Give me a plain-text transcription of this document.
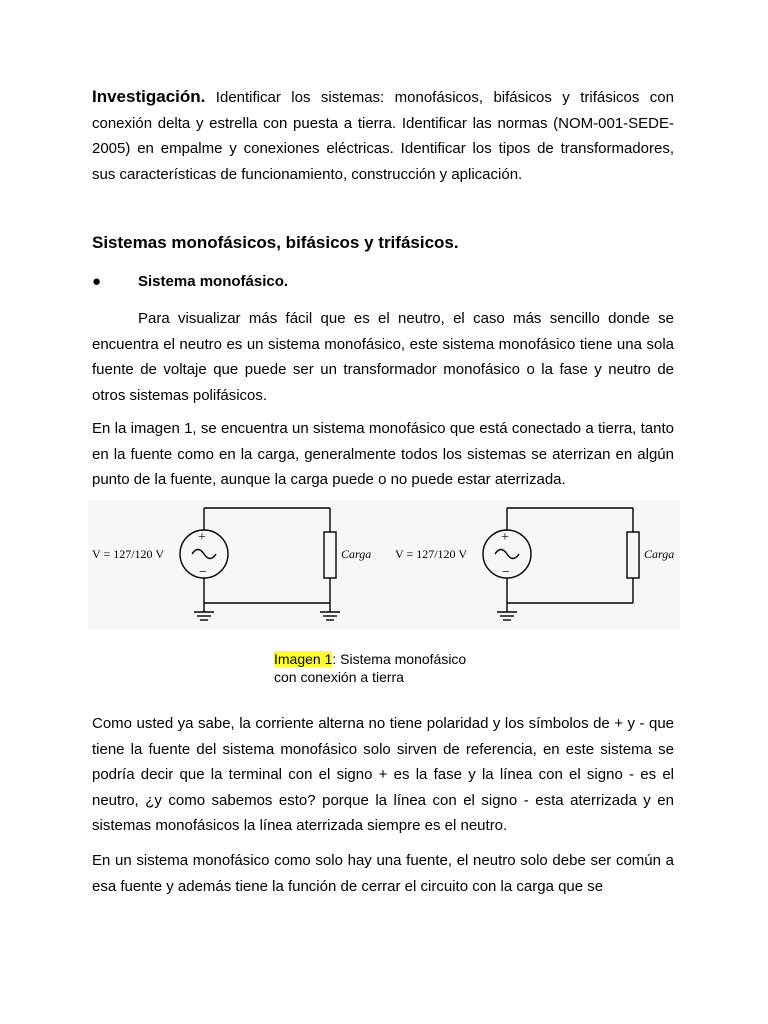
Investigación. Identificar los sistemas: monofásicos, bifásicos y trifásicos con conexión delta y estrella con puesta a tierra. Identificar las normas (NOM-001-SEDE-2005) en empalme y conexiones eléctricas. Identificar los tipos de transformadores, sus características de funcionamiento, construcción y aplicación.

Sistemas monofásicos, bifásicos y trifásicos.
● Sistema monofásico.

Para visualizar más fácil que es el neutro, el caso más sencillo donde se encuentra el neutro es un sistema monofásico, este sistema monofásico tiene una sola fuente de voltaje que puede ser un transformador monofásico o la fase y neutro de otros sistemas polifásicos.

En la imagen 1, se encuentra un sistema monofásico que está conectado a tierra, tanto en la fuente como en la carga, generalmente todos los sistemas se aterrizan en algún punto de la fuente, aunque la carga puede o no puede estar aterrizada.

+
−
V = 127/120 V	Carga
+
−
V = 127/120 V	Carga
Imagen 1: Sistema monofásico
con conexión a tierra

Como usted ya sabe, la corriente alterna no tiene polaridad y los símbolos de + y - que tiene la fuente del sistema monofásico solo sirven de referencia, en este sistema se podría decir que la terminal con el signo + es la fase y la línea con el signo - es el neutro, ¿y como sabemos esto? porque la línea con el signo - esta aterrizada y en sistemas monofásicos la línea aterrizada siempre es el neutro.

En un sistema monofásico como solo hay una fuente, el neutro solo debe ser común a esa fuente y además tiene la función de cerrar el circuito con la carga que se
